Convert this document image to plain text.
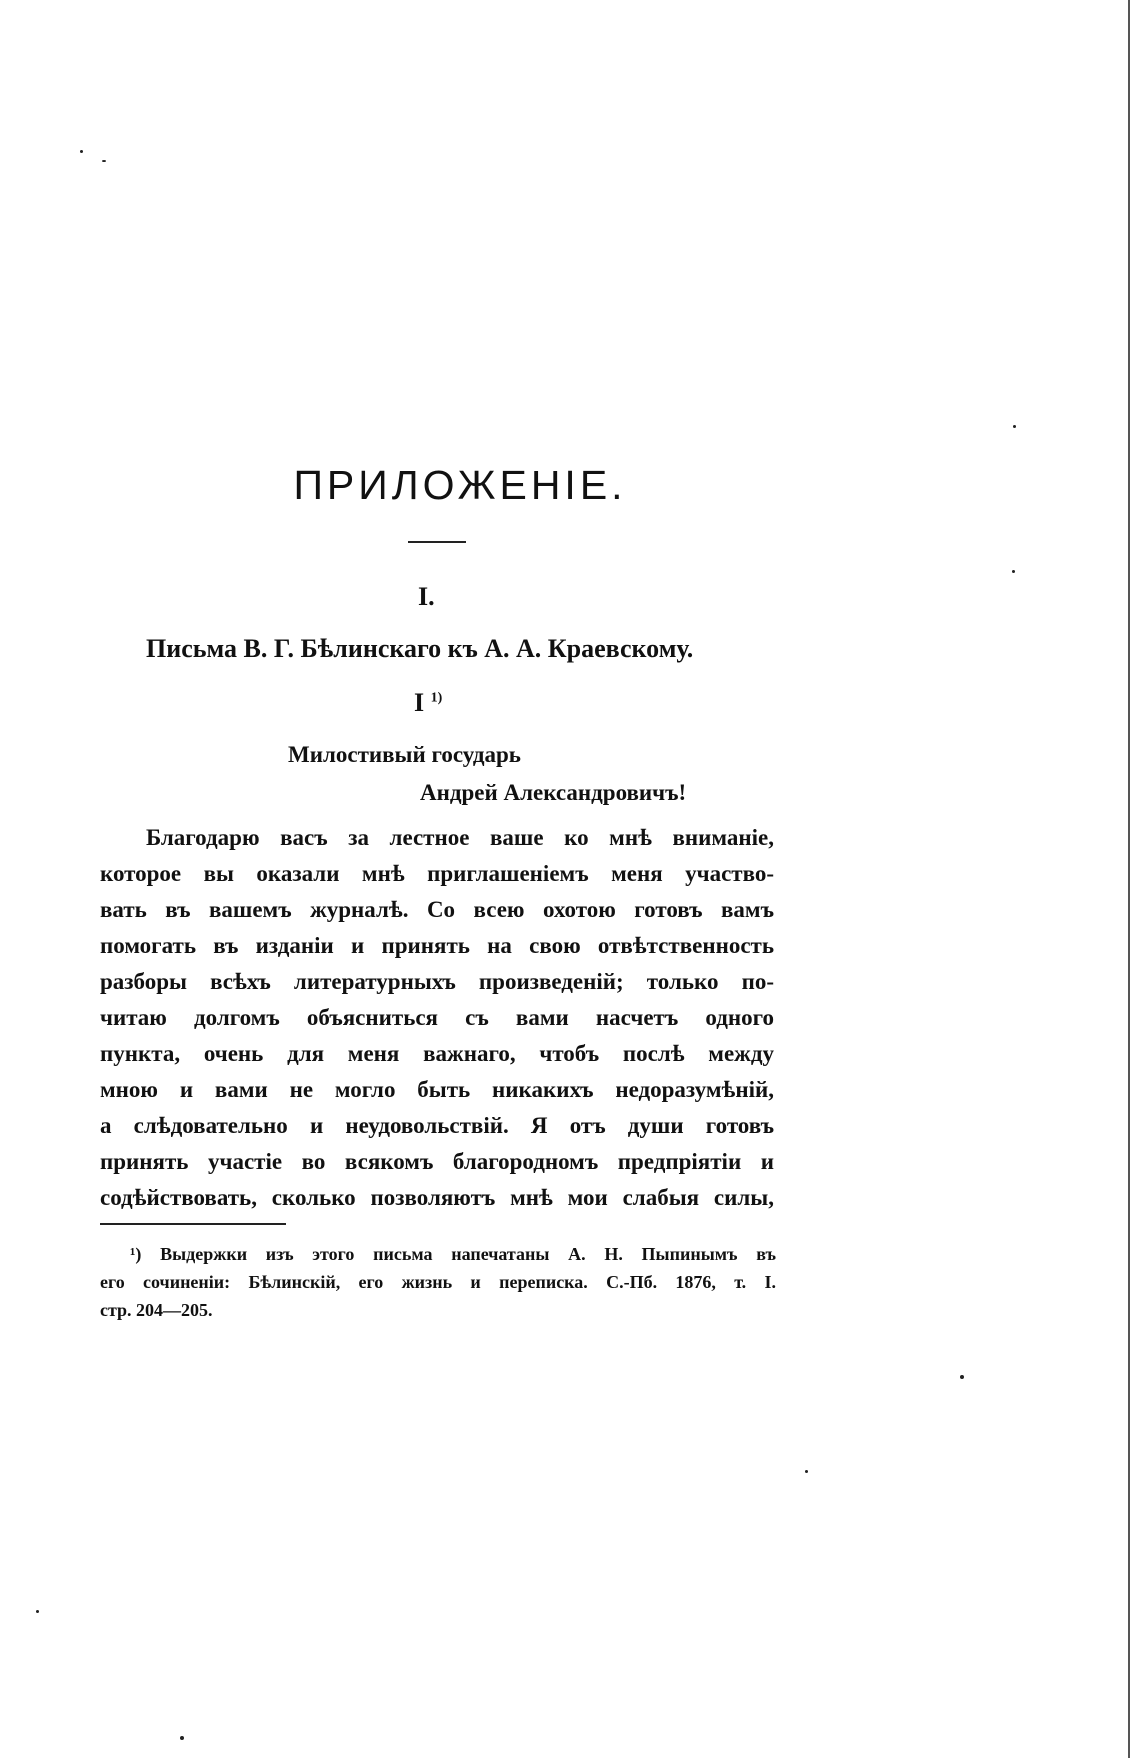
ПРИЛОЖЕНІЕ.
I.
Письма В. Г. Бѣлинскаго къ А. А. Краевскому.
I $^{1)}$
Милостивый государь
Андрей Александровичъ!
Благодарю васъ за лестное ваше ко мнѣ вниманіе,
которое вы оказали мнѣ приглашеніемъ меня участво-
вать въ вашемъ журналѣ. Со всею охотою готовъ вамъ
помогать въ изданіи и принять на свою отвѣтственность
разборы всѣхъ литературныхъ произведеній; только по-
читаю долгомъ объясниться съ вами насчетъ одного
пункта, очень для меня важнаго, чтобъ послѣ между
мною и вами не могло быть никакихъ недоразумѣній,
а слѣдовательно и неудовольствій. Я отъ души готовъ
принять участіе во всякомъ благородномъ предпріятіи и
содѣйствовать, сколько позволяютъ мнѣ мои слабыя силы,
¹) Выдержки изъ этого письма напечатаны А. Н. Пыпинымъ въ
его сочиненіи: Бѣлинскій, его жизнь и переписка. С.-Пб. 1876, т. I.
стр. 204—205.
